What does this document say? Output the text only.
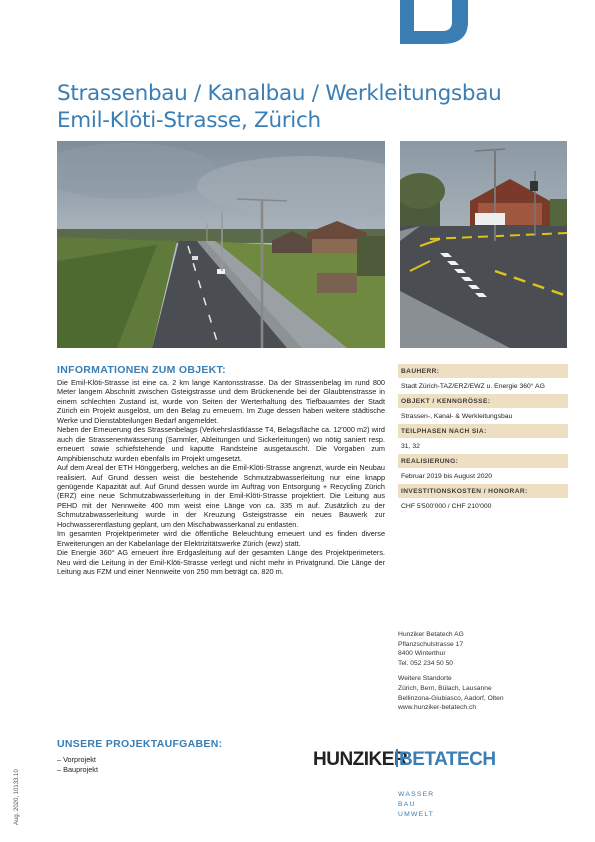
Strassenbau / Kanalbau / Werkleitungsbau
Emil-Klöti-Strasse, Zürich
INFORMATIONEN ZUM OBJEKT:

Die Emil-Klöti-Strasse ist eine ca. 2 km lange Kantonsstrasse. Da der Strassenbelag im rund 800 Meter langem Abschnitt zwischen Gsteigstrasse und dem Brückenende bei der Glaubtenstrasse in einem schlechten Zustand ist, wurde von Seiten der Werterhaltung des Tiefbauamtes der Stadt Zürich ein Projekt ausgelöst, um den Belag zu erneuern. Im Zuge dessen haben weitere städtische Werke und Dienstabteilungen Bedarf angemeldet.

Neben der Erneuerung des Strassenbelags (Verkehrslastklasse T4, Belagsfläche ca. 12'000 m2) wird auch die Strassenentwässerung (Sammler, Ableitungen und Sickerleitungen) wo nötig saniert resp. erneuert sowie schiefstehende und kaputte Randsteine ausgetauscht. Die Vorgaben zum Amphibienschutz wurden ebenfalls im Projekt umgesetzt.

Auf dem Areal der ETH Hönggerberg, welches an die Emil-Klöti-Strasse angrenzt, wurde ein Neubau realisiert. Auf Grund dessen weist die bestehende Schmutzabwasserleitung nur eine knapp genügende Kapazität auf. Auf Grund dessen wurde im Auftrag von Entsorgung + Recycling Zürich (ERZ) eine neue Schmutzabwasserleitung in der Emil-Klöti-Strasse projektiert. Die Leitung aus PEHD mit der Nennweite 400 mm weist eine Länge von ca. 335 m auf. Zusätzlich zu der Schmutzabwasserleitung wurde in der Kreuzung Gsteigstrasse ein neues Bauwerk zur Hochwasserentlastung geplant, um den Mischabwasserkanal zu entlasten.

Im gesamten Projektperimeter wird die öffentliche Beleuchtung erneuert und es finden diverse Erweiterungen an der Kabelanlage der Elektrizitätswerke Zürich (ewz) statt.

Die Energie 360° AG erneuert ihre Erdgasleitung auf der gesamten Länge des Projektperimeters. Neu wird die Leitung in der Emil-Klöti-Strasse verlegt und nicht mehr in Privatgrund. Die Länge der Leitung aus FZM und einer Nennweite von 250 mm beträgt ca. 820 m.

BAUHERR:
Stadt Zürich-TAZ/ERZ/EWZ u. Energie 360° AG
OBJEKT / KENNGRÖSSE:
Strassen-, Kanal- & Werkleitungsbau
TEILPHASEN NACH SIA:
31, 32
REALISIERUNG:
Februar 2019 bis August 2020
INVESTITIONSKOSTEN / HONORAR:
CHF 5'500'000 / CHF 210'000
Hunziker Betatech AG
Pflanzschulstrasse 17
8400 Winterthur
Tel. 052 234 50 50
Weitere Standorte
Zürich, Bern, Bülach, Lausanne
Bellinzona-Giubiasco, Aadorf, Olten
www.hunziker-betatech.ch
UNSERE PROJEKTAUFGABEN:
– Vorprojekt
– Bauprojekt	HUNZIKER
BETATECH
WASSER
BAU
UMWELT
Aug. 2020, 10133.10
